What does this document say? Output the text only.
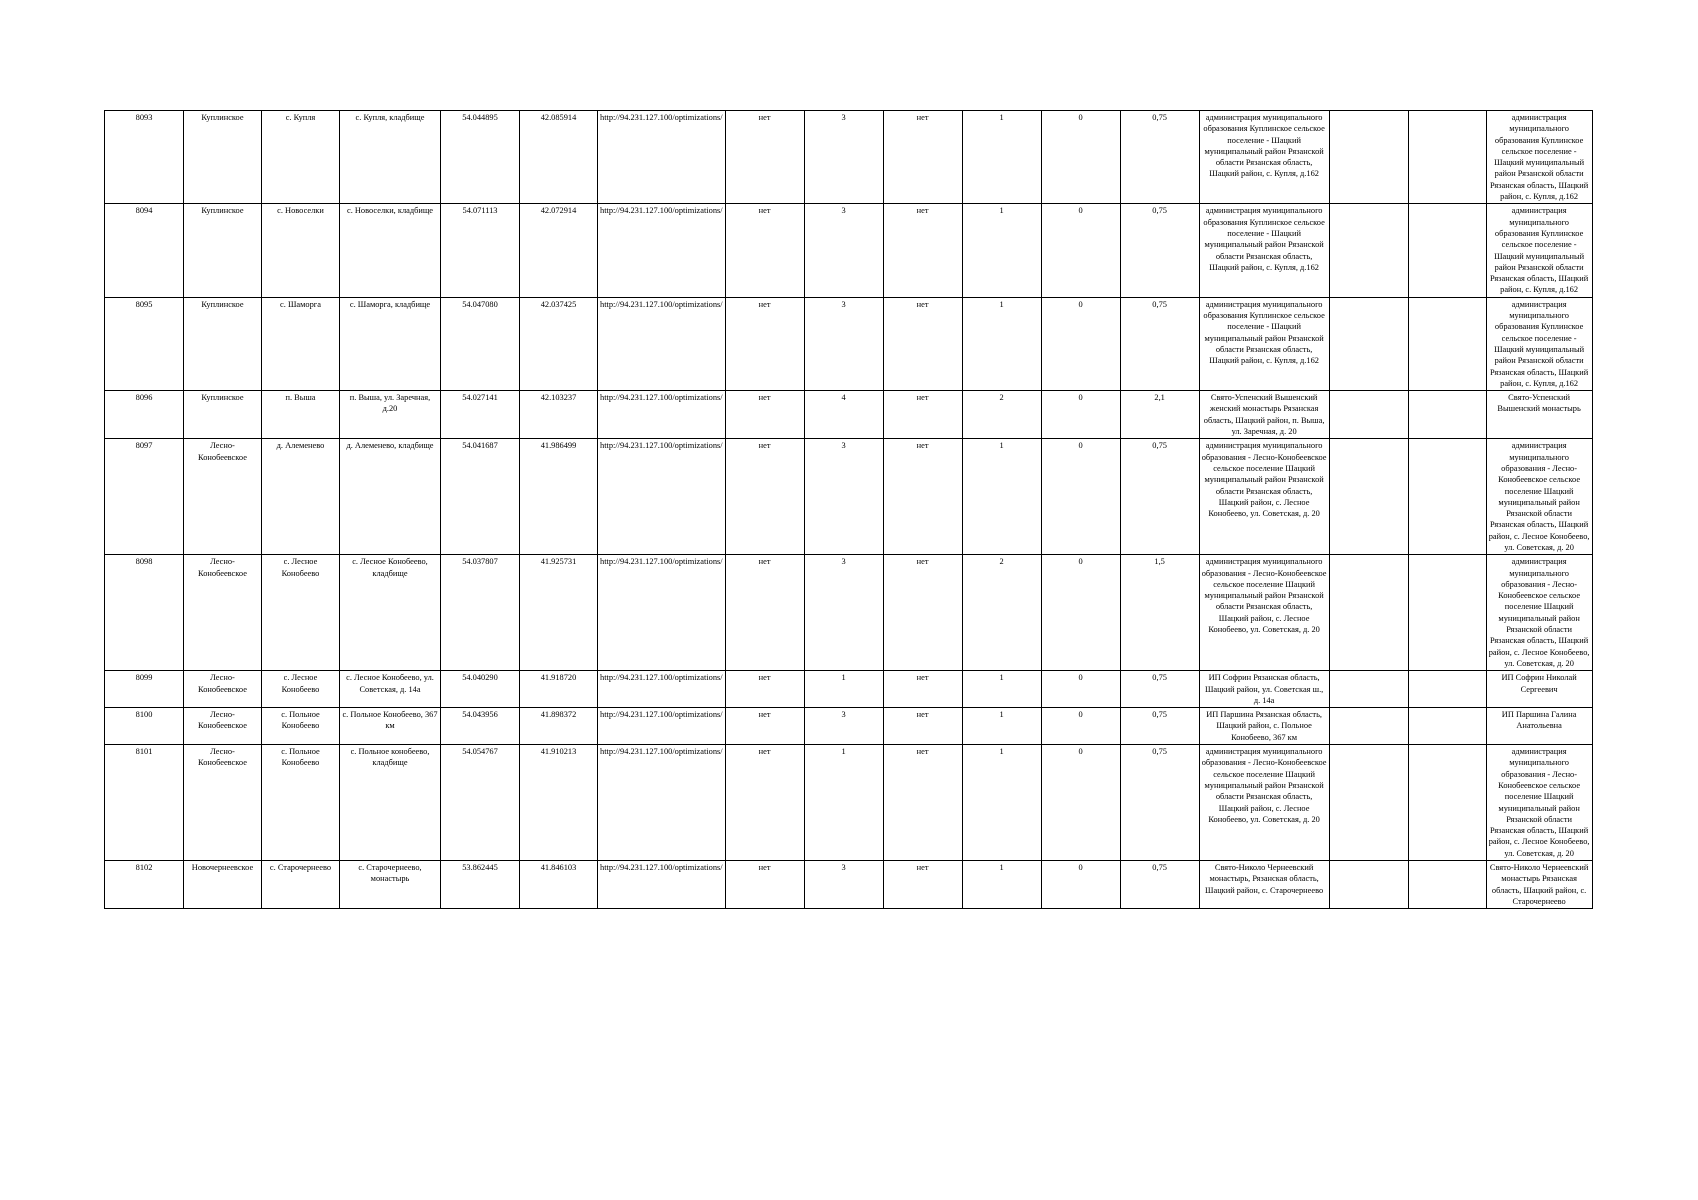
8093	Куплинское	с. Купля	с. Купля, кладбище	54.044895	42.085914	http://94.231.127.100/optimizations/	нет	3	нет	1	0	0,75	администрация муниципального образования Куплинское сельское поселение - Шацкий муниципальный район Рязанской области Рязанская область, Шацкий район, с. Купля, д.162			администрация муниципального образования Куплинское сельское поселение - Шацкий муниципальный район Рязанской области Рязанская область, Шацкий район, с. Купля, д.162
8094	Куплинское	с. Новоселки	с. Новоселки, кладбище	54.071113	42.072914	http://94.231.127.100/optimizations/	нет	3	нет	1	0	0,75	администрация муниципального образования Куплинское сельское поселение - Шацкий муниципальный район Рязанской области Рязанская область, Шацкий район, с. Купля, д.162			администрация муниципального образования Куплинское сельское поселение - Шацкий муниципальный район Рязанской области Рязанская область, Шацкий район, с. Купля, д.162
8095	Куплинское	с. Шаморга	с. Шаморга, кладбище	54.047080	42.037425	http://94.231.127.100/optimizations/	нет	3	нет	1	0	0,75	администрация муниципального образования Куплинское сельское поселение - Шацкий муниципальный район Рязанской области Рязанская область, Шацкий район, с. Купля, д.162			администрация муниципального образования Куплинское сельское поселение - Шацкий муниципальный район Рязанской области Рязанская область, Шацкий район, с. Купля, д.162
8096	Куплинское	п. Выша	п. Выша, ул. Заречная, д.20	54.027141	42.103237	http://94.231.127.100/optimizations/	нет	4	нет	2	0	2,1	Свято-Успенский Вышенский женский монастырь Рязанская область, Шацкий район, п. Выша, ул. Заречная, д. 20			Свято-Успенский Вышенский монастырь
8097	Лесно-Конобеевское	д. Алеменево	д. Алеменево, кладбище	54.041687	41.986499	http://94.231.127.100/optimizations/	нет	3	нет	1	0	0,75	администрация муниципального образования - Лесно-Конобеевское сельское поселение Шацкий муниципальный район Рязанской области Рязанская область, Шацкий район, с. Лесное Конобеево, ул. Советская, д. 20			администрация муниципального образования - Лесно-Конобеевское сельское поселение Шацкий муниципальный район Рязанской области Рязанская область, Шацкий район, с. Лесное Конобеево, ул. Советская, д. 20
8098	Лесно-Конобеевское	с. Лесное Конобеево	с. Лесное Конобеево, кладбище	54.037807	41.925731	http://94.231.127.100/optimizations/	нет	3	нет	2	0	1,5	администрация муниципального образования - Лесно-Конобеевское сельское поселение Шацкий муниципальный район Рязанской области Рязанская область, Шацкий район, с. Лесное Конобеево, ул. Советская, д. 20			администрация муниципального образования - Лесно-Конобеевское сельское поселение Шацкий муниципальный район Рязанской области Рязанская область, Шацкий район, с. Лесное Конобеево, ул. Советская, д. 20
8099	Лесно-Конобеевское	с. Лесное Конобеево	с. Лесное Конобеево, ул. Советская, д. 14а	54.040290	41.918720	http://94.231.127.100/optimizations/	нет	1	нет	1	0	0,75	ИП Софрин Рязанская область, Шацкий район, ул. Советская ш., д. 14а			ИП Софрин Николай Сергеевич
8100	Лесно-Конобеевское	с. Польное Конобеево	с. Польное Конобеево, 367 км	54.043956	41.898372	http://94.231.127.100/optimizations/	нет	3	нет	1	0	0,75	ИП Паршина Рязанская область, Шацкий район, с. Польное Конобеево, 367 км			ИП Паршина Галина Анатольевна
8101	Лесно-Конобеевское	с. Польное Конобеево	с. Польное конобеево, кладбище	54.054767	41.910213	http://94.231.127.100/optimizations/	нет	1	нет	1	0	0,75	администрация муниципального образования - Лесно-Конобеевское сельское поселение Шацкий муниципальный район Рязанской области Рязанская область, Шацкий район, с. Лесное Конобеево, ул. Советская, д. 20			администрация муниципального образования - Лесно-Конобеевское сельское поселение Шацкий муниципальный район Рязанской области Рязанская область, Шацкий район, с. Лесное Конобеево, ул. Советская, д. 20
8102	Новочернеевское	с. Старочернеево	с. Старочернеево, монастырь	53.862445	41.846103	http://94.231.127.100/optimizations/	нет	3	нет	1	0	0,75	Свято-Николо Чернеевский монастырь, Рязанская область, Шацкий район, с. Старочернеево			Свято-Николо Чернеевский монастырь Рязанская область, Шацкий район, с. Старочернеево
